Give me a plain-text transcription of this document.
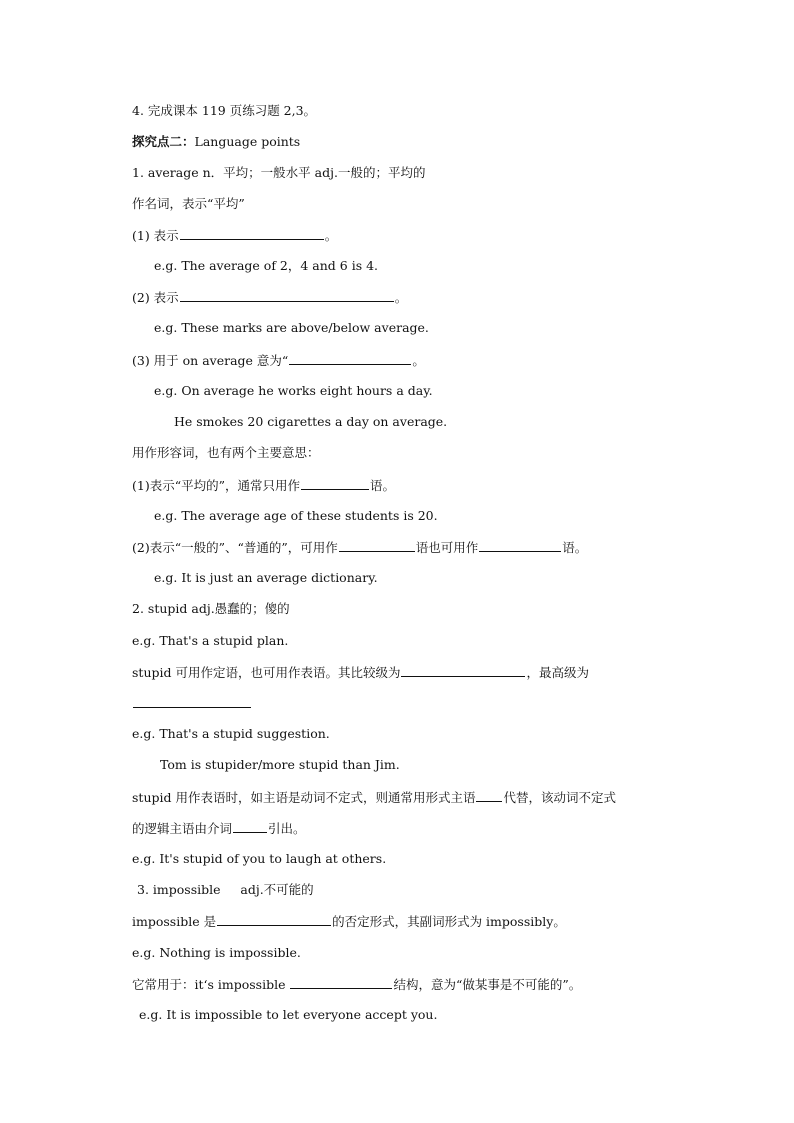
4. 完成课本 119 页练习题 2,3。
探究点二：Language points
1. average n．平均；一般水平 adj.一般的；平均的
作名词，表示“平均”
(1) 表示	。
e.g. The average of 2，4 and 6 is 4.
(2) 表示	。
e.g. These marks are above/below average.
(3) 用于 on average 意为“	。
e.g. On average he works eight hours a day.
He smokes 20 cigarettes a day on average.
用作形容词，也有两个主要意思：
(1)表示“平均的”，通常只用作	语。
e.g. The average age of these students is 20.
(2)表示“一般的”、“普通的”，可用作	语也可用作	语。
e.g. It is just an average dictionary.
2. stupid adj.愚蠢的；傻的
e.g. That's a stupid plan.
stupid 可用作定语，也可用作表语。其比较级为	，最高级为
e.g. That's a stupid suggestion.
Tom is stupider/more stupid than Jim.
stupid 用作表语时，如主语是动词不定式，则通常用形式主语 代替，该动词不定式
的逻辑主语由介词	引出。
e.g. It's stupid of you to laugh at others.
3. impossible     adj.不可能的
impossible 是	的否定形式，其副词形式为 impossibly。
e.g. Nothing is impossible.
它常用于：it‘s impossible	结构，意为“做某事是不可能的”。
e.g. It is impossible to let everyone accept you.
